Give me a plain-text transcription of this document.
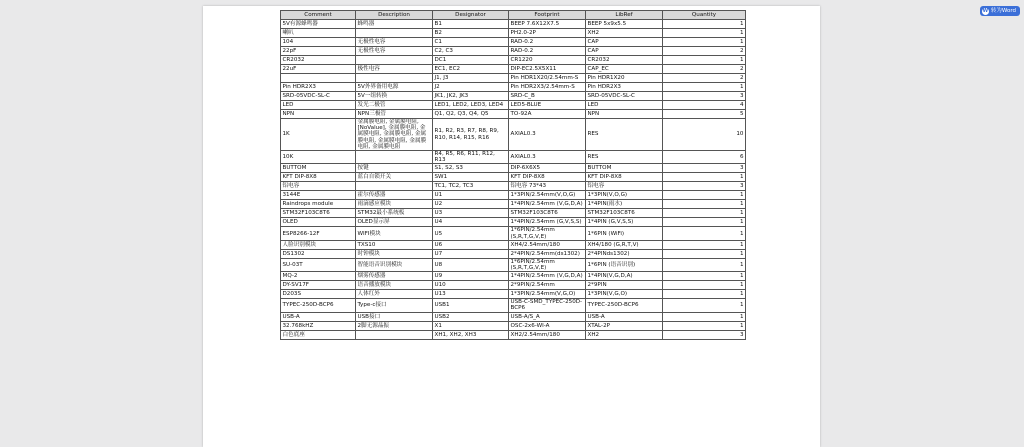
Comment	Description	Designator	Footprint	LibRef	Quantity
5V有源蜂鸣器	蜂鸣器	B1	BEEP 7.6X12X7.5	BEEP 5x9x5.5	1
喇叭		B2	PH2.0-2P	XH2	1
104	无极性电容	C1	RAD-0.2	CAP	1
22pF	无极性电容	C2, C3	RAD-0.2	CAP	2
CR2032		DC1	CR1220	CR2032	1
22uF	极性电容	EC1, EC2	DIP-EC2.5X5X11	CAP_EC	2
		J1, J3	Pin HDR1X20/2.54mm-S	Pin HDR1X20	2
Pin HDR2X3	5V外界备用电源	J2	Pin HDR2X3/2.54mm-S	Pin HDR2X3	1
SRD-05VDC-SL-C	5V一组转换	JK1, JK2, JK3	SRD-C_B	SRD-05VDC-SL-C	3
LED	发光二极管	LED1, LED2, LED3, LED4	LED5-BLUE	LED	4
NPN	NPN三极管	Q1, Q2, Q3, Q4, Q5	TO-92A	NPN	5
1K	金属膜电阻, 金属膜电阻, [NoValue], 金属膜电阻, 金属膜电阻, 金属膜电阻, 金属膜电阻, 金属膜电阻, 金属膜电阻, 金属膜电阻	R1, R2, R3, R7, R8, R9, R10, R14, R15, R16	AXIAL0.3	RES	10
10K		R4, R5, R6, R11, R12, R13	AXIAL0.3	RES	6
BUTTOM	按键	S1, S2, S3	DIP-6X6X5	BUTTOM	3
KFT DIP-8X8	蓝白自锁开关	SW1	KFT DIP-8X8	KFT DIP-8X8	1
铝电容		TC1, TC2, TC3	铝电容 73*43	铝电容	3
3144E	霍尔传感器	U1	1*3PIN/2.54mm(V,O,G)	1*3PIN(V,O,G)	1
Raindrops module	雨滴感应模块	U2	1*4PIN/2.54mm (V,G,D,A)	1*4PIN(雨水)	1
STM32F103C8T6	STM32最小系统板	U3	STM32F103C8T6	STM32F103C8T6	1
OLED	OLED显示屏	U4	1*4PIN/2.54mm (G,V,S,S)	1*4PIN (G,V,S,S)	1
ESP8266-12F	WIFI模块	U5	1*6PIN/2.54mm (S,R,T,G,V,E)	1*6PIN (WiFi)	1
人脸识别模块	TXS10	U6	XH4/2.54mm/180	XH4/180 (G,R,T,V)	1
DS1302	时钟模块	U7	2*4PIN/2.54mm(ds1302)	2*4PINds1302)	1
SU-03T	智能语音识别模块	U8	1*6PIN/2.54mm (S,R,T,G,V,E)	1*6PIN (语音识别)	1
MQ-2	烟雾传感器	U9	1*4PIN/2.54mm (V,G,D,A)	1*4PIN(V,G,D,A)	1
DY-SV17F	语音播放模块	U10	2*9PIN/2.54mm	2*9PIN	1
D203S	人体红外	U13	1*3PIN/2.54mm(V,G,O)	1*3PIN(V,G,O)	1
TYPEC-250D-BCP6	Type-c接口	USB1	USB-C-SMD_TYPEC-250D-BCP6	TYPEC-250D-BCP6	1
USB-A	USB接口	USB2	USB-A/S_A	USB-A	1
32.768kHZ	2脚无源晶振	X1	OSC-2x6-WI-A	XTAL-2P	1
白色底座		XH1, XH2, XH3	XH2/2.54mm/180	XH2	3
W 转为Word
